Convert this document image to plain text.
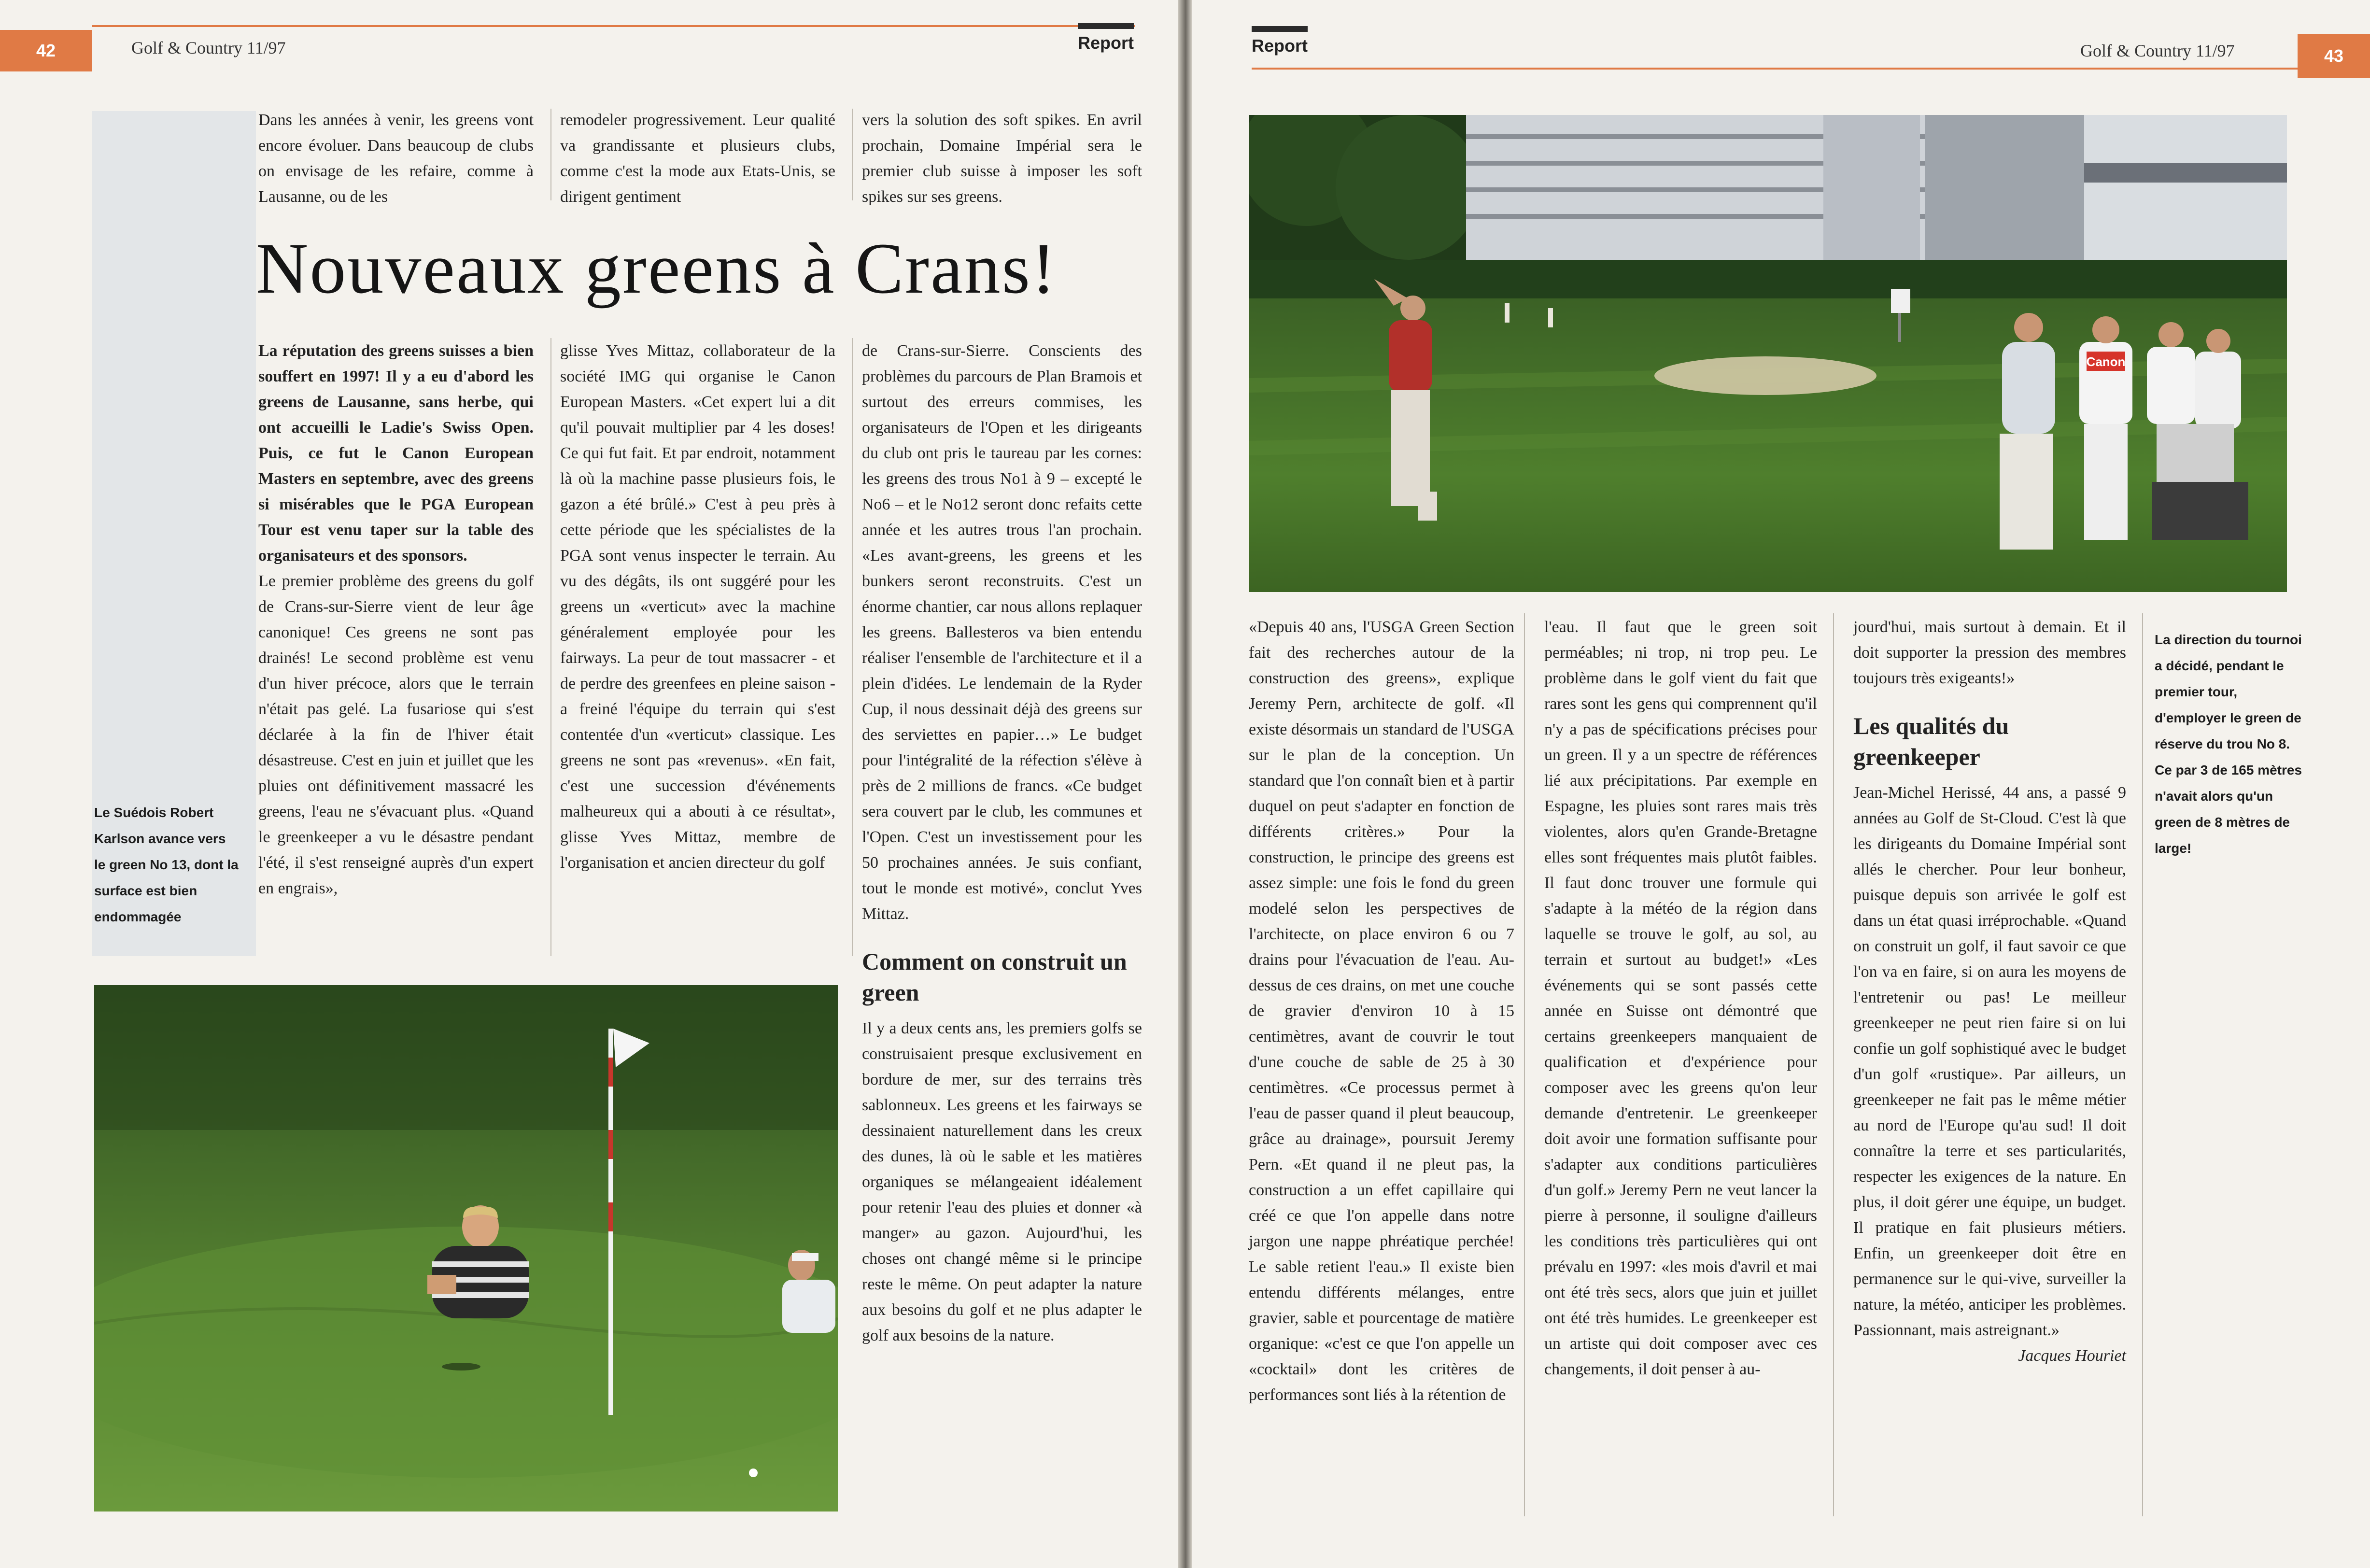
42	Golf & Country 11/97	Report

Dans les années à venir, les greens vont encore évoluer. Dans beaucoup de clubs on envisage de les refaire, comme à Lausanne, ou de les

remodeler progressivement. Leur qualité va grandissante et plusieurs clubs, comme c'est la mode aux Etats-Unis, se dirigent gentiment

vers la solution des soft spikes. En avril prochain, Domaine Impérial sera le premier club suisse à imposer les soft spikes sur ses greens.

Nouveaux greens à Crans!

La réputation des greens suisses a bien souffert en 1997! Il y a eu d'abord les greens de Lausanne, sans herbe, qui ont accueilli le Ladie's Swiss Open. Puis, ce fut le Canon European Masters en septembre, avec des greens si misérables que le PGA European Tour est venu taper sur la table des organisateurs et des sponsors.

Le premier problème des greens du golf de Crans-sur-Sierre vient de leur âge canonique! Ces greens ne sont pas drainés! Le second problème est venu d'un hiver précoce, alors que le terrain n'était pas gelé. La fusariose qui s'est déclarée à la fin de l'hiver était désastreuse. C'est en juin et juillet que les pluies ont définitivement massacré les greens, l'eau ne s'évacuant plus. «Quand le greenkeeper a vu le désastre pendant l'été, il s'est renseigné auprès d'un expert en engrais»,

glisse Yves Mittaz, collaborateur de la société IMG qui organise le Canon European Masters. «Cet expert lui a dit qu'il pouvait multiplier par 4 les doses! Ce qui fut fait. Et par endroit, notamment là où la machine passe plusieurs fois, le gazon a été brûlé.» C'est à peu près à cette période que les spécialistes de la PGA sont venus inspecter le terrain. Au vu des dégâts, ils ont suggéré pour les greens un «verticut» avec la machine généralement employée pour les fairways. La peur de tout massacrer - et de perdre des greenfees en pleine saison - a freiné l'équipe du terrain qui s'est contentée d'un «verticut» classique. Les greens ne sont pas «revenus». «En fait, c'est une succession d'événements malheureux qui a abouti à ce résultat», glisse Yves Mittaz, membre de l'organisation et ancien directeur du golf

de Crans-sur-Sierre. Conscients des problèmes du parcours de Plan Bramois et surtout des erreurs commises, les organisateurs de l'Open et les dirigeants du club ont pris le taureau par les cornes: les greens des trous No1 à 9 – excepté le No6 – et le No12 seront donc refaits cette année et les autres trous l'an prochain. «Les avant-greens, les greens et les bunkers seront reconstruits. C'est un énorme chantier, car nous allons replaquer les greens. Ballesteros va bien entendu réaliser l'ensemble de l'architecture et il a plein d'idées. Le lendemain de la Ryder Cup, il nous dessinait déjà des greens sur des serviettes en papier…» Le budget pour l'intégralité de la réfection s'élève à près de 2 millions de francs. «Ce budget sera couvert par le club, les communes et l'Open. C'est un investissement pour les 50 prochaines années. Je suis confiant, tout le monde est motivé», conclut Yves Mittaz.

Comment on construit un green

Il y a deux cents ans, les premiers golfs se construisaient presque exclusivement en bordure de mer, sur des terrains très sablonneux. Les greens et les fairways se dessinaient naturellement dans les creux des dunes, là où le sable et les matières organiques se mélangeaient idéalement pour retenir l'eau des pluies et donner «à manger» au gazon. Aujourd'hui, les choses ont changé même si le principe reste le même. On peut adapter la nature aux besoins du golf et ne plus adapter le golf aux besoins de la nature.

Le Suédois Robert Karlson avance vers le green No 13, dont la surface est bien endommagée
Report	Golf & Country 11/97	43
Canon

«Depuis 40 ans, l'USGA Green Section fait des recherches autour de la construction des greens», explique Jeremy Pern, architecte de golf. «Il existe désormais un standard de l'USGA sur le plan de la conception. Un standard que l'on connaît bien et à partir duquel on peut s'adapter en fonction de différents critères.» Pour la construction, le principe des greens est assez simple: une fois le fond du green modelé selon les perspectives de l'architecte, on place environ 6 ou 7 drains pour l'évacuation de l'eau. Au-dessus de ces drains, on met une couche de gravier d'environ 10 à 15 centimètres, avant de couvrir le tout d'une couche de sable de 25 à 30 centimètres. «Ce processus permet à l'eau de passer quand il pleut beaucoup, grâce au drainage», poursuit Jeremy Pern. «Et quand il ne pleut pas, la construction a un effet capillaire qui créé ce que l'on appelle dans notre jargon une nappe phréatique perchée! Le sable retient l'eau.» Il existe bien entendu différents mélanges, entre gravier, sable et pourcentage de matière organique: «c'est ce que l'on appelle un «cocktail» dont les critères de performances sont liés à la rétention de

l'eau. Il faut que le green soit perméables; ni trop, ni trop peu. Le problème dans le golf vient du fait que rares sont les gens qui comprennent qu'il n'y a pas de spécifications précises pour un green. Il y a un spectre de références lié aux précipitations. Par exemple en Espagne, les pluies sont rares mais très violentes, alors qu'en Grande-Bretagne elles sont fréquentes mais plutôt faibles. Il faut donc trouver une formule qui s'adapte à la météo de la région dans laquelle se trouve le golf, au sol, au terrain et surtout au budget!» «Les événements qui se sont passés cette année en Suisse ont démontré que certains greenkeepers manquaient de qualification et d'expérience pour composer avec les greens qu'on leur demande d'entretenir. Le greenkeeper doit avoir une formation suffisante pour s'adapter aux conditions particulières d'un golf.» Jeremy Pern ne veut lancer la pierre à personne, il souligne d'ailleurs les conditions très particulières qui ont prévalu en 1997: «les mois d'avril et mai ont été très secs, alors que juin et juillet ont été très humides. Le greenkeeper est un artiste qui doit composer avec ces changements, il doit penser à au-

jourd'hui, mais surtout à demain. Et il doit supporter la pression des membres toujours très exigeants!»

Les qualités du greenkeeper

Jean-Michel Herissé, 44 ans, a passé 9 années au Golf de St-Cloud. C'est là que les dirigeants du Domaine Impérial sont allés le chercher. Pour leur bonheur, puisque depuis son arrivée le golf est dans un état quasi irréprochable. «Quand on construit un golf, il faut savoir ce que l'on va en faire, si on aura les moyens de l'entretenir ou pas! Le meilleur greenkeeper ne peut rien faire si on lui confie un golf sophistiqué avec le budget d'un golf «rustique». Par ailleurs, un greenkeeper ne fait pas le même métier au nord de l'Europe qu'au sud! Il doit connaître la terre et ses particularités, respecter les exigences de la nature. En plus, il doit gérer une équipe, un budget. Il pratique en fait plusieurs métiers. Enfin, un greenkeeper doit être en permanence sur le qui-vive, surveiller la nature, la météo, anticiper les problèmes. Passionnant, mais astreignant.»

Jacques Houriet

La direction du tournoi a décidé, pendant le premier tour, d'employer le green de réserve du trou No 8. Ce par 3 de 165 mètres n'avait alors qu'un green de 8 mètres de large!
